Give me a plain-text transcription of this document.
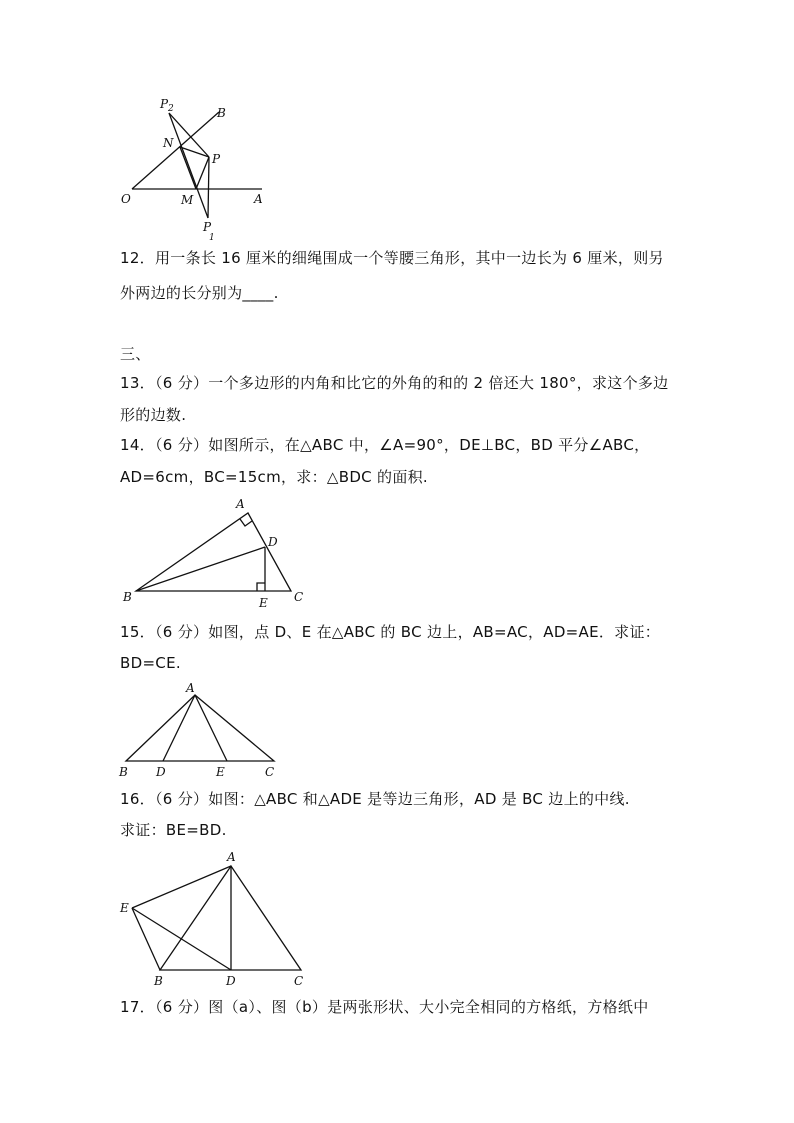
P 2	B
N
P
O	M	A
P
1
A
D
B	E C
A
B D	E	C
A
E
B	D	C
12．用一条长 16 厘米的细绳围成一个等腰三角形，其中一边长为 6 厘米，则另
外两边的长分别为____.
三、
13．（6 分）一个多边形的内角和比它的外角的和的 2 倍还大 180°，求这个多边
形的边数.
14．（6 分）如图所示，在△ABC 中，∠A=90°，DE⊥BC，BD 平分∠ABC，
AD=6cm，BC=15cm，求：△BDC 的面积.
15．（6 分）如图，点 D、E 在△ABC 的 BC 边上，AB=AC，AD=AE．求证：
BD=CE.
16．（6 分）如图：△ABC 和△ADE 是等边三角形，AD 是 BC 边上的中线.
求证：BE=BD.
17．（6 分）图（a）、图（b）是两张形状、大小完全相同的方格纸，方格纸中
